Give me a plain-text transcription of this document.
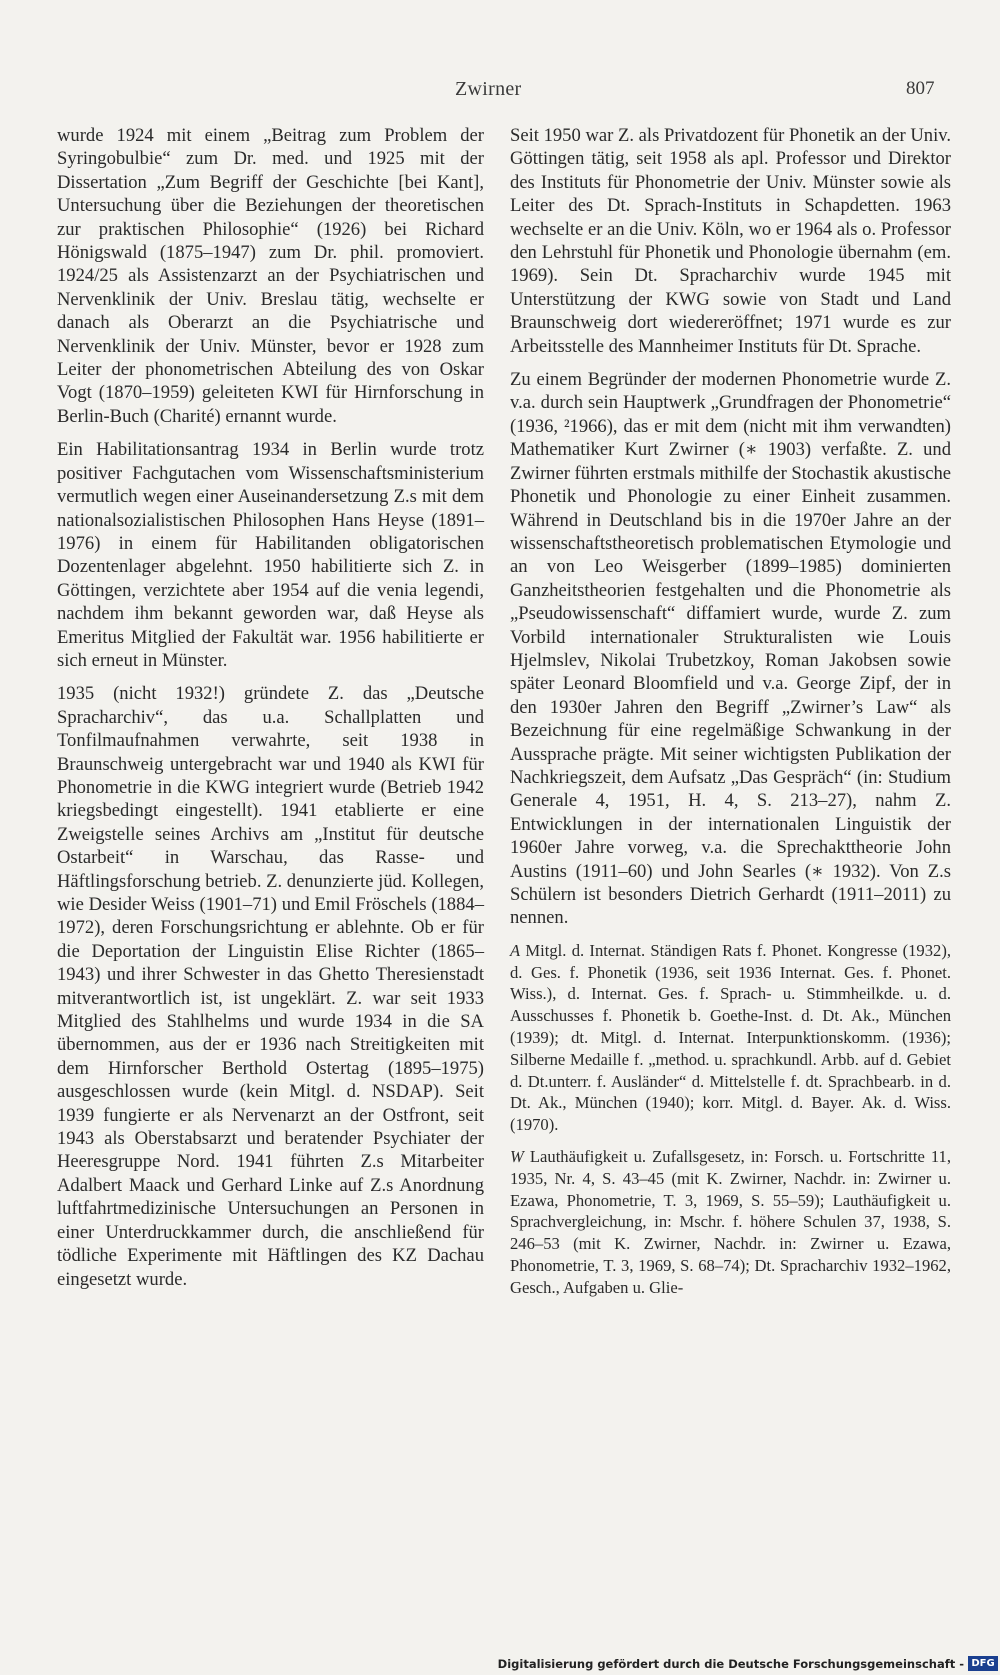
Zwirner	807

wurde 1924 mit einem „Beitrag zum Problem der Syringobulbie“ zum Dr. med. und 1925 mit der Dissertation „Zum Begriff der Geschichte [bei Kant], Untersuchung über die Beziehungen der theoretischen zur praktischen Philosophie“ (1926) bei Richard Hönigswald (1875–1947) zum Dr. phil. promoviert. 1924/25 als Assistenzarzt an der Psychiatrischen und Nervenklinik der Univ. Breslau tätig, wechselte er danach als Oberarzt an die Psychiatrische und Nervenklinik der Univ. Münster, bevor er 1928 zum Leiter der phonometrischen Abteilung des von Oskar Vogt (1870–1959) geleiteten KWI für Hirnforschung in Berlin-Buch (Charité) ernannt wurde.

Ein Habilitationsantrag 1934 in Berlin wurde trotz positiver Fachgutachen vom Wissenschaftsministerium vermutlich wegen einer Auseinandersetzung Z.s mit dem nationalsozialistischen Philosophen Hans Heyse (1891–1976) in einem für Habilitanden obligatorischen Dozentenlager abgelehnt. 1950 habilitierte sich Z. in Göttingen, verzichtete aber 1954 auf die venia legendi, nachdem ihm bekannt geworden war, daß Heyse als Emeritus Mitglied der Fakultät war. 1956 habilitierte er sich erneut in Münster.

1935 (nicht 1932!) gründete Z. das „Deutsche Spracharchiv“, das u.a. Schallplatten und Tonfilmaufnahmen verwahrte, seit 1938 in Braunschweig untergebracht war und 1940 als KWI für Phonometrie in die KWG integriert wurde (Betrieb 1942 kriegsbedingt eingestellt). 1941 etablierte er eine Zweigstelle seines Archivs am „Institut für deutsche Ostarbeit“ in Warschau, das Rasse- und Häftlingsforschung betrieb. Z. denunzierte jüd. Kollegen, wie Desider Weiss (1901–71) und Emil Fröschels (1884–1972), deren Forschungsrichtung er ablehnte. Ob er für die Deportation der Linguistin Elise Richter (1865–1943) und ihrer Schwester in das Ghetto Theresienstadt mitverantwortlich ist, ist ungeklärt. Z. war seit 1933 Mitglied des Stahlhelms und wurde 1934 in die SA übernommen, aus der er 1936 nach Streitigkeiten mit dem Hirnforscher Berthold Ostertag (1895–1975) ausgeschlossen wurde (kein Mitgl. d. NSDAP). Seit 1939 fungierte er als Nervenarzt an der Ostfront, seit 1943 als Oberstabsarzt und beratender Psychiater der Heeresgruppe Nord. 1941 führten Z.s Mitarbeiter Adalbert Maack und Gerhard Linke auf Z.s Anordnung luftfahrtmedizinische Untersuchungen an Personen in einer Unterdruckkammer durch, die anschließend für tödliche Experimente mit Häftlingen des KZ Dachau eingesetzt wurde.

Seit 1950 war Z. als Privatdozent für Phonetik an der Univ. Göttingen tätig, seit 1958 als apl. Professor und Direktor des Instituts für Phonometrie der Univ. Münster sowie als Leiter des Dt. Sprach-Instituts in Schapdetten. 1963 wechselte er an die Univ. Köln, wo er 1964 als o. Professor den Lehrstuhl für Phonetik und Phonologie übernahm (em. 1969). Sein Dt. Spracharchiv wurde 1945 mit Unterstützung der KWG sowie von Stadt und Land Braunschweig dort wiedereröffnet; 1971 wurde es zur Arbeitsstelle des Mannheimer Instituts für Dt. Sprache.

Zu einem Begründer der modernen Phonometrie wurde Z. v.a. durch sein Hauptwerk „Grundfragen der Phonometrie“ (1936, ²1966), das er mit dem (nicht mit ihm verwandten) Mathematiker Kurt Zwirner (∗ 1903) verfaßte. Z. und Zwirner führten erstmals mithilfe der Stochastik akustische Phonetik und Phonologie zu einer Einheit zusammen. Während in Deutschland bis in die 1970er Jahre an der wissenschaftstheoretisch problematischen Etymologie und an von Leo Weisgerber (1899–1985) dominierten Ganzheitstheorien festgehalten und die Phonometrie als „Pseudowissenschaft“ diffamiert wurde, wurde Z. zum Vorbild internationaler Strukturalisten wie Louis Hjelmslev, Nikolai Trubetzkoy, Roman Jakobsen sowie später Leonard Bloomfield und v.a. George Zipf, der in den 1930er Jahren den Begriff „Zwirner’s Law“ als Bezeichnung für eine regelmäßige Schwankung in der Aussprache prägte. Mit seiner wichtigsten Publikation der Nachkriegszeit, dem Aufsatz „Das Gespräch“ (in: Studium Generale 4, 1951, H. 4, S. 213–27), nahm Z. Entwicklungen in der internationalen Linguistik der 1960er Jahre vorweg, v.a. die Sprechakttheorie John Austins (1911–60) und John Searles (∗ 1932). Von Z.s Schülern ist besonders Dietrich Gerhardt (1911–2011) zu nennen.

A Mitgl. d. Internat. Ständigen Rats f. Phonet. Kongresse (1932), d. Ges. f. Phonetik (1936, seit 1936 Internat. Ges. f. Phonet. Wiss.), d. Internat. Ges. f. Sprach- u. Stimmheilkde. u. d. Ausschusses f. Phonetik b. Goethe-Inst. d. Dt. Ak., München (1939); dt. Mitgl. d. Internat. Interpunktionskomm. (1936); Silberne Medaille f. „method. u. sprachkundl. Arbb. auf d. Gebiet d. Dt.unterr. f. Ausländer“ d. Mittelstelle f. dt. Sprachbearb. in d. Dt. Ak., München (1940); korr. Mitgl. d. Bayer. Ak. d. Wiss. (1970).

W Lauthäufigkeit u. Zufallsgesetz, in: Forsch. u. Fortschritte 11, 1935, Nr. 4, S. 43–45 (mit K. Zwirner, Nachdr. in: Zwirner u. Ezawa, Phonometrie, T. 3, 1969, S. 55–59); Lauthäufigkeit u. Sprachvergleichung, in: Mschr. f. höhere Schulen 37, 1938, S. 246–53 (mit K. Zwirner, Nachdr. in: Zwirner u. Ezawa, Phonometrie, T. 3, 1969, S. 68–74); Dt. Spracharchiv 1932–1962, Gesch., Aufgaben u. Glie-

Digitalisierung gefördert durch die Deutsche Forschungsgemeinschaft - DFG
